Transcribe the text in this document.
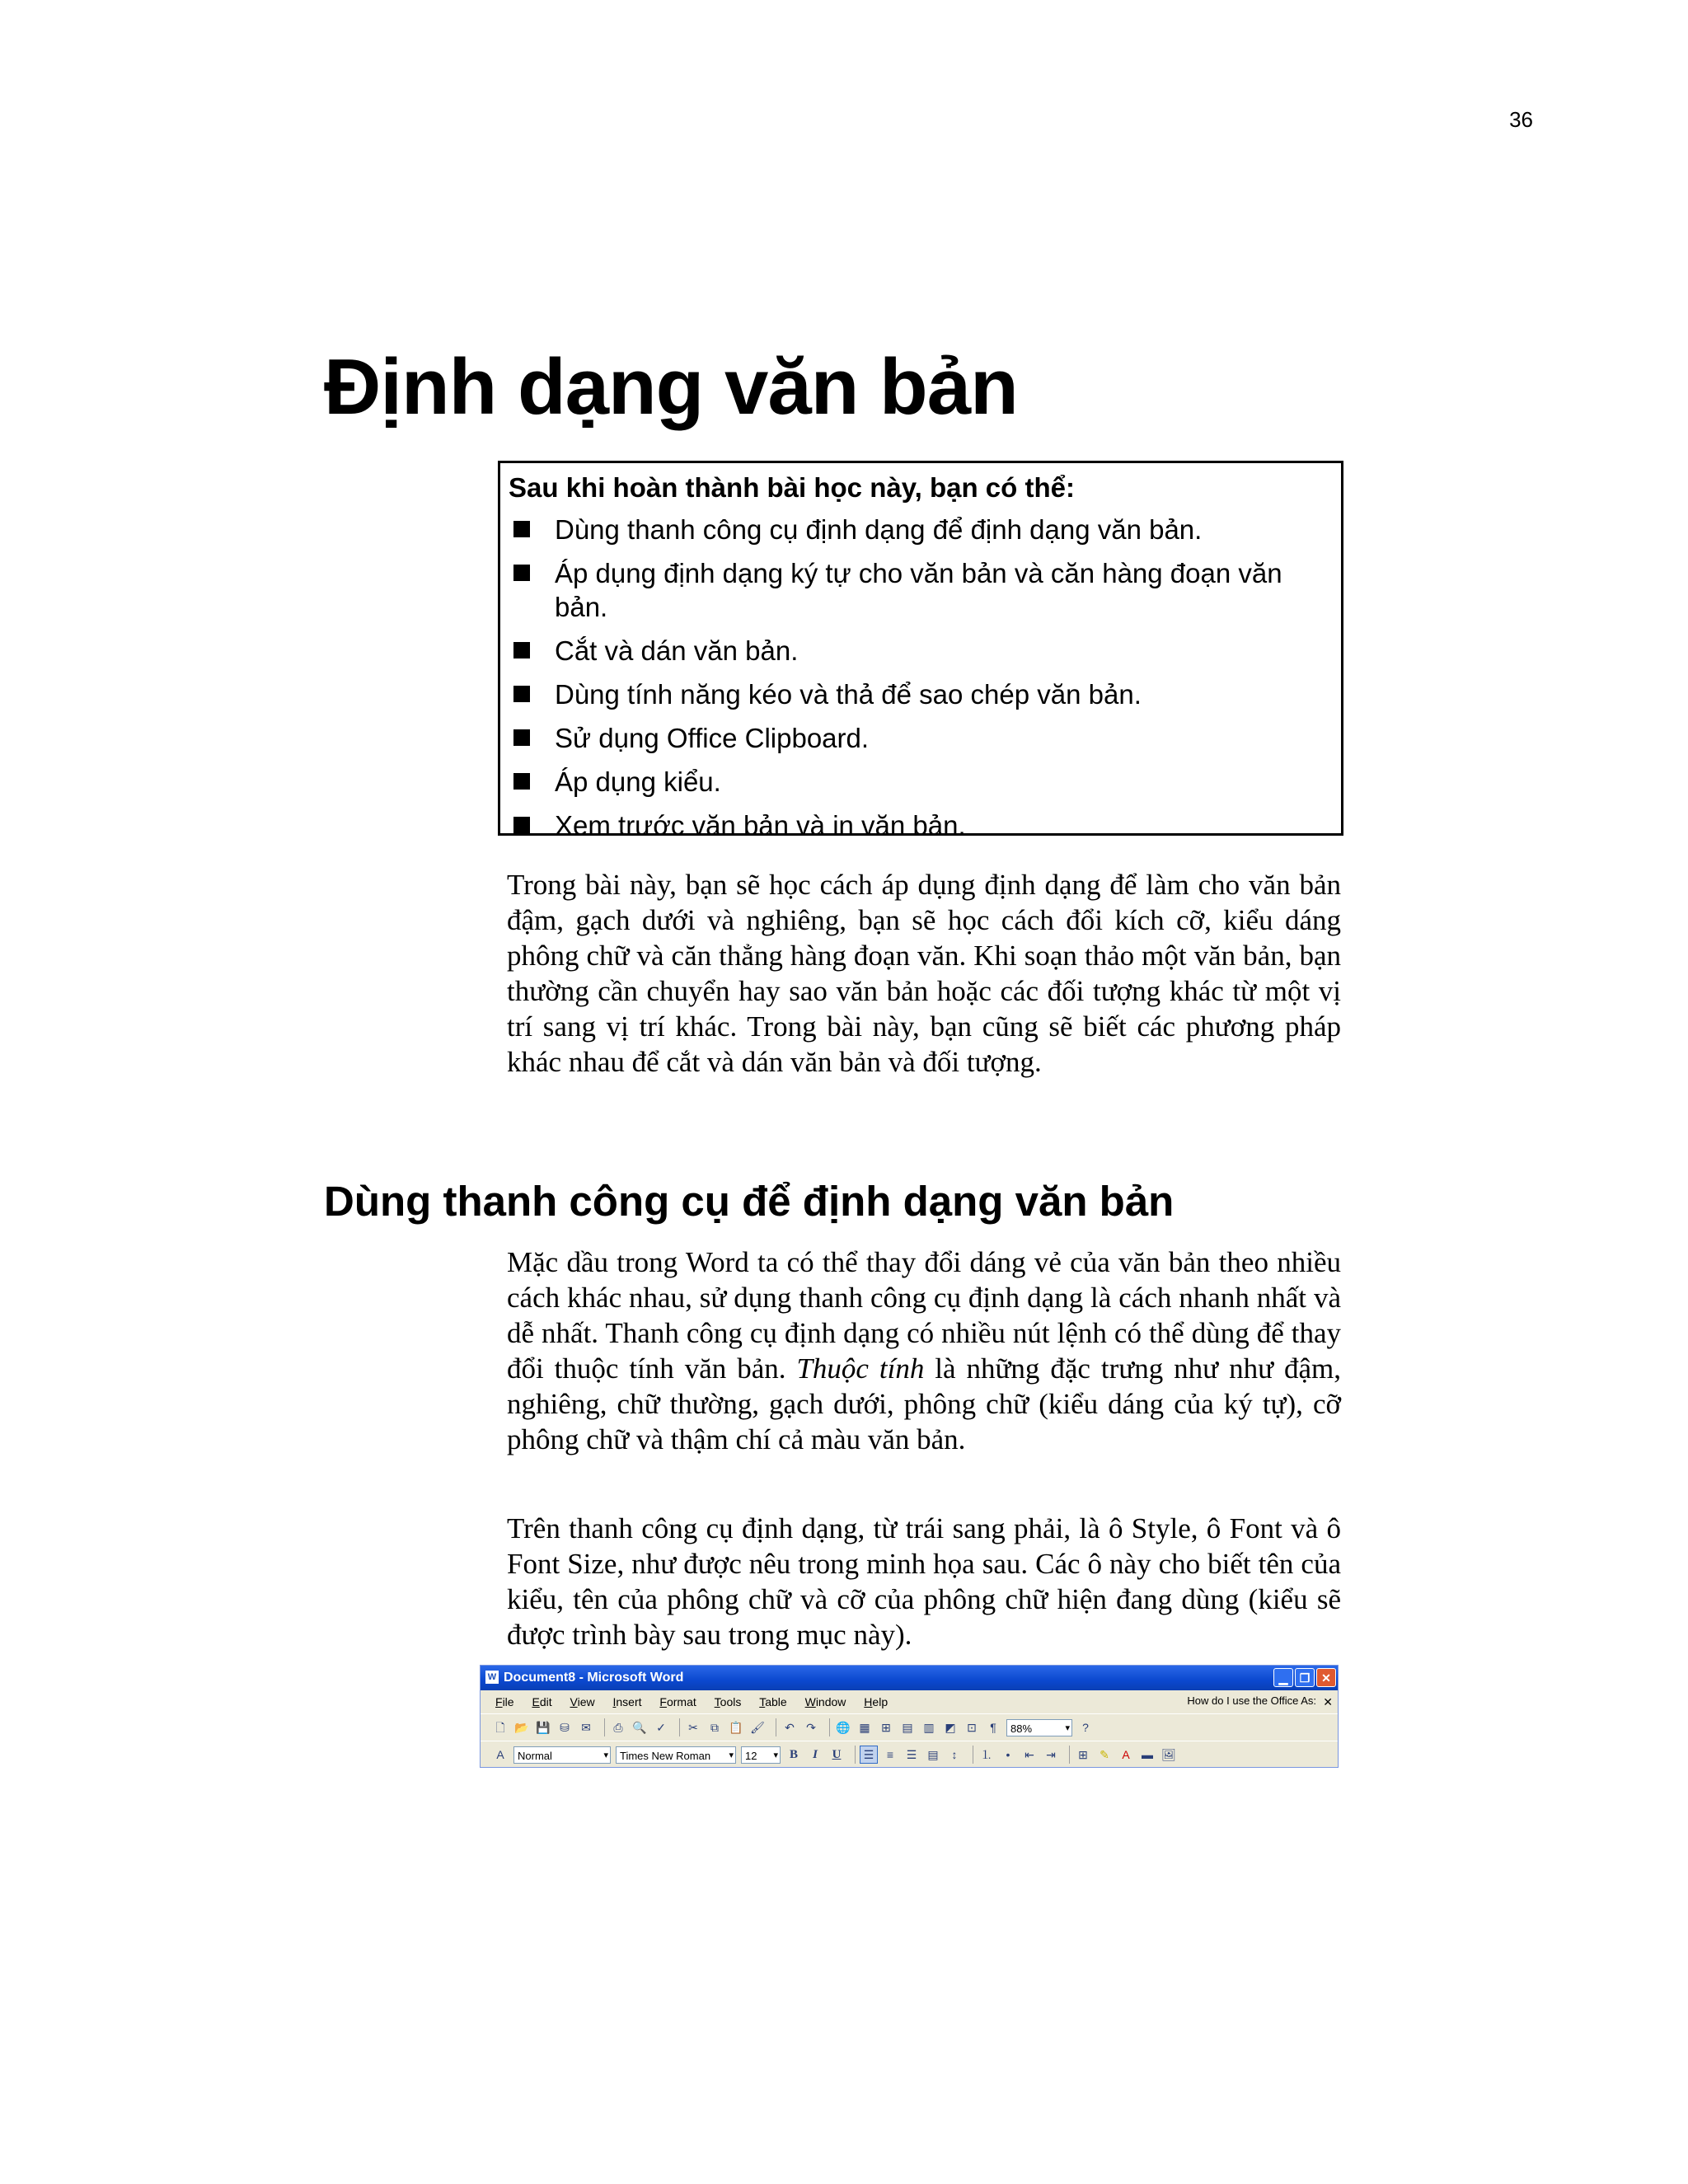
36
Định dạng văn bản

Sau khi hoàn thành bài học này, bạn có thể:

Dùng thanh công cụ định dạng để định dạng văn bản.
Áp dụng định dạng ký tự cho văn bản và căn hàng đoạn văn bản.
Cắt và dán văn bản.
Dùng tính năng kéo và thả để sao chép văn bản.
Sử dụng Office Clipboard.
Áp dụng kiểu.
Xem trước văn bản và in văn bản.

Trong bài này, bạn sẽ học cách áp dụng định dạng để làm cho văn bản đậm, gạch dưới và nghiêng, bạn sẽ học cách đổi kích cỡ, kiểu dáng phông chữ và căn thẳng hàng đoạn văn. Khi soạn thảo một văn bản, bạn thường cần chuyển hay sao văn bản hoặc các đối tượng khác từ một vị trí sang vị trí khác. Trong bài này, bạn cũng sẽ biết các phương pháp khác nhau để cắt và dán văn bản và đối tượng.

Dùng thanh công cụ để định dạng văn bản

Mặc dầu trong Word ta có thể thay đổi dáng vẻ của văn bản theo nhiều cách khác nhau, sử dụng thanh công cụ định dạng là cách nhanh nhất và dễ nhất. Thanh công cụ định dạng có nhiều nút lệnh có thể dùng để thay đổi thuộc tính văn bản. Thuộc tính là những đặc trưng như như đậm, nghiêng, chữ thường, gạch dưới, phông chữ (kiểu dáng của ký tự), cỡ phông chữ và thậm chí cả màu văn bản.

Trên thanh công cụ định dạng, từ trái sang phải, là ô Style, ô Font và ô Font Size, như được nêu trong minh họa sau. Các ô này cho biết tên của kiểu, tên của phông chữ và cỡ của phông chữ hiện đang dùng (kiểu sẽ được trình bày sau trong mục này).

W Document8 - Microsoft Word	▁	❐ ✕
File Edit View Insert Format Tools Table Window Help	How do I use the Office As: ✕
🗋 📂 💾 ⛁ ✉	⎙ 🔍 ✓ ✂	⧉ 📋 🖌 ↶ ↷ 🌐 ▦ ⊞ ▤ ▥ ◩ ⊡	¶	88% ▾	?
A	Normal ▾	Times New Roman ▾	12 ▾	B	I	U	☰	≡	☰ ▤	↕	⒈	•	⇤ ⇥ ⊞ ✎	A	▬ 🖼
